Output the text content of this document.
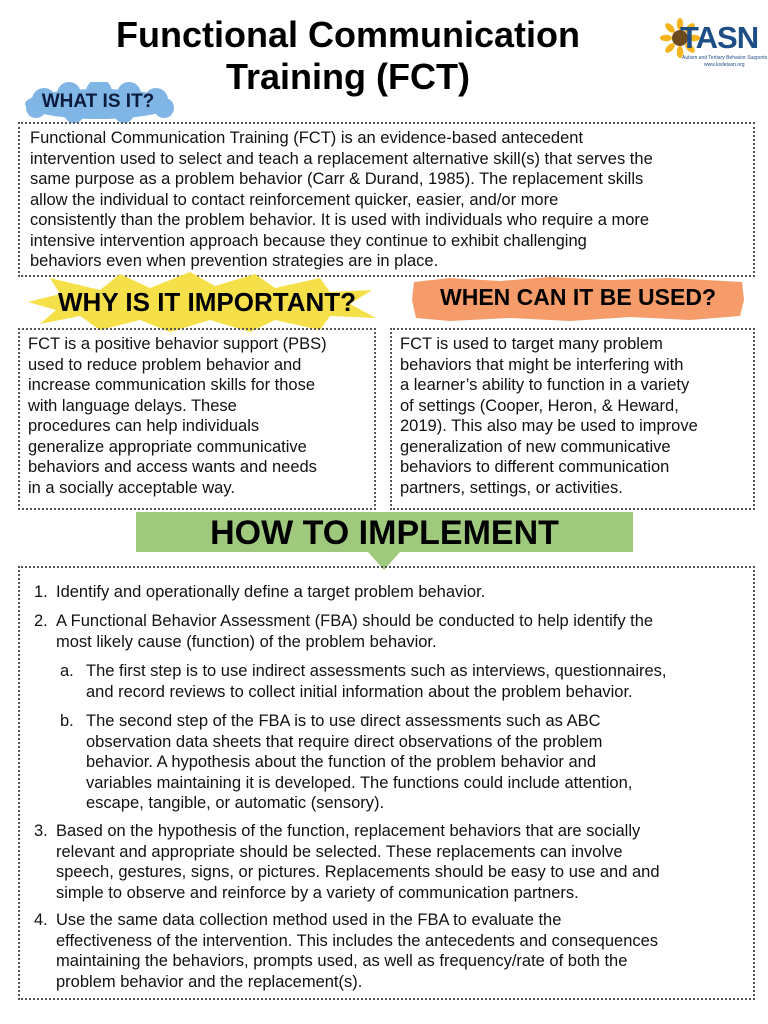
Functional Communication
Training (FCT)
TASN
Autism and Tertiary Behavior Supports
www.ksdetasn.org
WHAT IS IT?

Functional Communication Training (FCT) is an evidence-based antecedent
intervention used to select and teach a replacement alternative skill(s) that serves the
same purpose as a problem behavior (Carr & Durand, 1985). The replacement skills
allow the individual to contact reinforcement quicker, easier, and/or more
consistently than the problem behavior. It is used with individuals who require a more
intensive intervention approach because they continue to exhibit challenging
behaviors even when prevention strategies are in place.

WHY IS IT IMPORTANT?

FCT is a positive behavior support (PBS)
used to reduce problem behavior and
increase communication skills for those
with language delays. These
procedures can help individuals
generalize appropriate communicative
behaviors and access wants and needs
in a socially acceptable way.

WHEN CAN IT BE USED?

FCT is used to target many problem
behaviors that might be interfering with
a learner’s ability to function in a variety
of settings (Cooper, Heron, & Heward,
2019). This also may be used to improve
generalization of new communicative
behaviors to different communication
partners, settings, or activities.

HOW TO IMPLEMENT
1. Identify and operationally define a target problem behavior.
2. A Functional Behavior Assessment (FBA) should be conducted to help identify the
most likely cause (function) of the problem behavior.
a. The first step is to use indirect assessments such as interviews, questionnaires,
and record reviews to collect initial information about the problem behavior.
b. The second step of the FBA is to use direct assessments such as ABC
observation data sheets that require direct observations of the problem
behavior. A hypothesis about the function of the problem behavior and
variables maintaining it is developed. The functions could include attention,
escape, tangible, or automatic (sensory).
3. Based on the hypothesis of the function, replacement behaviors that are socially
relevant and appropriate should be selected. These replacements can involve
speech, gestures, signs, or pictures. Replacements should be easy to use and and
simple to observe and reinforce by a variety of communication partners.
4. Use the same data collection method used in the FBA to evaluate the
effectiveness of the intervention. This includes the antecedents and consequences
maintaining the behaviors, prompts used, as well as frequency/rate of both the
problem behavior and the replacement(s).
